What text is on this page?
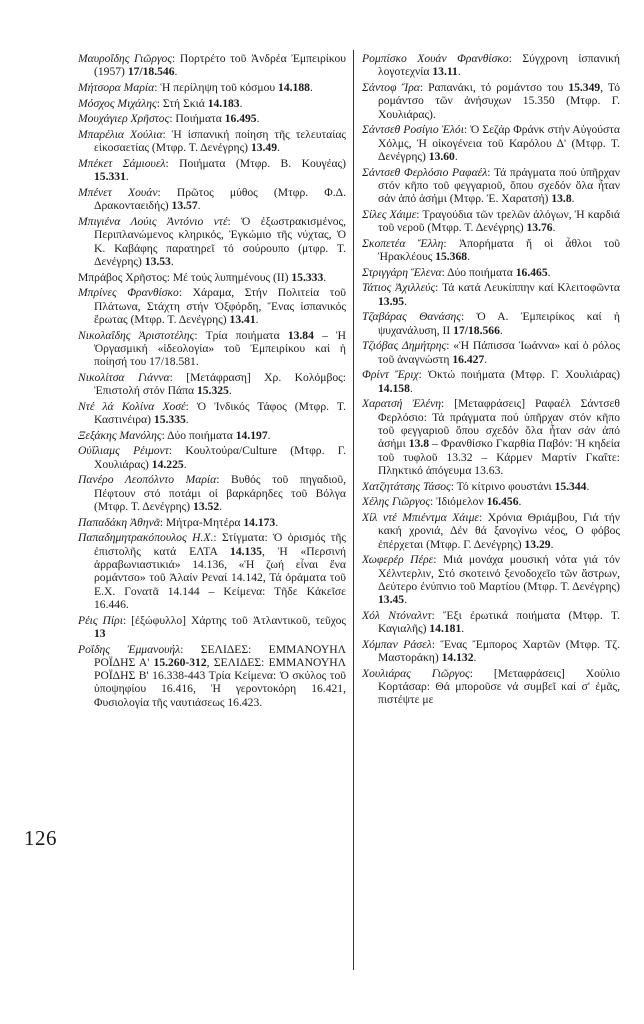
Μαυροΐδης Γιῶργος: Πορτρέτο τοῦ Ἀνδρέα Ἐμπειρίκου (1957) 17/18.546.

Μήτσορα Μαρία: Ἡ περίληψη τοῦ κόσμου 14.188.

Μόσχος Μιχάλης: Στή Σκιά 14.183.

Μουχάγιερ Χρῆστος: Ποιήματα 16.495.

Μπαρέλια Χούλια: Ἡ ἰσπανική ποίηση τῆς τελευταίας εἰκοσαετίας (Μτφρ. Τ. Δενέγρης) 13.49.

Μπέκετ Σάμιουελ: Ποιήματα (Μτφρ. Β. Κουγέας) 15.331.

Μπένετ Χουάν: Πρῶτος μύθος (Μτφρ. Φ.Δ. Δρακονταειδής) 13.57.

Μπιγιένα Λούις Ἀντόνιο ντέ: Ὁ ἐξωστρακισμένος, Περιπλανώμενος κληρικός, Ἐγκώμιο τῆς νύχτας, Ὁ Κ. Καβάφης παρατηρεῖ τό σούρουπο (μτφρ. Τ. Δενέγρης) 13.53.

Μπράβος Χρῆστος: Μέ τούς λυπημένους (ΙΙ) 15.333.

Μπρίνες Φρανθίσκο: Χάραμα, Στήν Πολιτεία τοῦ Πλάτωνα, Στάχτη στήν Ὀξφόρδη, Ἕνας ἰσπανικός ἔρωτας (Μτφρ. Τ. Δενέγρης) 13.41.

Νικολαΐδης Ἀριστοτέλης: Τρία ποιήματα 13.84 – Ἡ Ὀργασμική «ἰδεολογία» τοῦ Ἐμπειρίκου καί ἡ ποίησή του 17/18.581.

Νικολίτσα Γιάννα: [Μετάφραση] Χρ. Κολόμβος: Ἐπιστολή στόν Πάπα 15.325.

Ντέ λά Κολίνα Χοσέ: Ὁ Ἰνδικός Τάφος (Μτφρ. Τ. Καστινέιρα) 15.335.

Ξεξάκης Μανόλης: Δύο ποιήματα 14.197.

Οὐΐλιαμς Ρέιμοντ: Κουλτούρα/Culture (Μτφρ. Γ. Χουλιάρας) 14.225.

Πανέρο Λεοπόλντο Μαρία: Βυθός τοῦ πηγαδιοῦ, Πέφτουν στό ποτάμι οἱ βαρκάρηδες τοῦ Βόλγα (Μτφρ. Τ. Δενέγρης) 13.52.

Παπαδάκη Ἀθηνᾶ: Μήτρα-Μητέρα 14.173.

Παπαδημητρακόπουλος Η.Χ.: Στίγματα: Ὁ ὁρισμός τῆς ἐπιστολῆς κατά ΕΛΤΑ 14.135, Ἡ «Περσινή ἀρραβωνιαστικιά» 14.136, «Ἡ ζωή εἶναι ἕνα ρομάντσο» τοῦ Ἀλαίν Ρεναί 14.142, Τά ὁράματα τοῦ Ε.Χ. Γονατᾶ 14.144 – Κείμενα: Τῆδε Κἀκεῖσε 16.446.

Ρέις Πίρι: [ἐξώφυλλο] Χάρτης τοῦ Ἀτλαντικοῦ, τεῦχος 13

Ροΐδης Ἐμμανουήλ: ΣΕΛΙΔΕΣ: ΕΜΜΑΝΟΥΗΛ ΡΟΪΔΗΣ Α' 15.260-312, ΣΕΛΙΔΕΣ: ΕΜΜΑΝΟΥΗΛ ΡΟΪΔΗΣ Β' 16.338-443 Τρία Κείμενα: Ὁ σκύλος τοῦ ὑποψηφίου 16.416, Ἡ γεροντοκόρη 16.421, Φυσιολογία τῆς ναυτιάσεως 16.423.

Ρομπίσκο Χουάν Φρανθίσκο: Σύγχρονη ἰσπανική λογοτεχνία 13.11.

Σάντοφ Ἴρα: Ραπανάκι, τό ρομάντσο του 15.349, Τό ρομάντσο τῶν ἀνήσυχων 15.350 (Μτφρ. Γ. Χουλιάρας).

Σάντσεθ Ροσίγιο Ἐλόι: Ὁ Σεζάρ Φράνκ στήν Αὐγούστα Χόλμς, Ἡ οἰκογένεια τοῦ Καρόλου Δ' (Μτφρ. Τ. Δενέγρης) 13.60.

Σάντσεθ Φερλόσιο Ραφαέλ: Τά πράγματα πού ὑπῆρχαν στόν κῆπο τοῦ φεγγαριοῦ, ὅπου σχεδόν ὅλα ἦταν σάν ἀπό ἀσήμι (Μτφρ. Ἐ. Χαρατσή) 13.8.

Σίλες Χάιμε: Τραγούδια τῶν τρελῶν ἀλόγων, Ἡ καρδιά τοῦ νεροῦ (Μτφρ. Τ. Δενέγρης) 13.76.

Σκοπετέα Ἔλλη: Ἀπορήματα ἤ οἱ ἆθλοι τοῦ Ἡρακλέους 15.368.

Στριγγάρη Ἕλενα: Δύο ποιήματα 16.465.

Τάτιος Ἀχιλλεύς: Τά κατά Λευκίππην καί Κλειτοφῶντα 13.95.

Τζαβάρας Θανάσης: Ὁ Α. Ἐμπειρίκος καί ἡ ψυχανάλυση, ΙΙ 17/18.566.

Τζιόβας Δημήτρης: «Ἡ Πάπισσα Ἰωάννα» καί ὁ ρόλος τοῦ ἀναγνώστη 16.427.

Φρίντ Ἔριχ: Ὀκτώ ποιήματα (Μτφρ. Γ. Χουλιάρας) 14.158.

Χαρατσή Ἐλένη: [Μεταφράσεις] Ραφαέλ Σάντσεθ Φερλόσιο: Τά πράγματα πού ὑπῆρχαν στόν κῆπο τοῦ φεγγαριοῦ ὅπου σχεδόν ὅλα ἦταν σάν ἀπό ἀσήμι 13.8 – Φρανθίσκο Γκαρθία Παβόν: Ἡ κηδεία τοῦ τυφλοῦ 13.32 – Κάρμεν Μαρτίν Γκαΐτε: Πληκτικό ἀπόγευμα 13.63.

Χατζητάτσης Τάσος: Τό κίτρινο φουστάνι 15.344.

Χέλης Γιῶργος: Ἰδιόμελον 16.456.

Χίλ ντέ Μπιέντμα Χάιμε: Χρόνια Θριάμβου, Γιά τήν κακή χρονιά, Δέν θά ξανογίνω νέος, Ο φόβος ἐπέρχεται (Μτφρ. Γ. Δενέγρης) 13.29.

Χωφερέρ Πέρε: Μιά μονάχα μουσική νότα γιά τόν Χέλντερλιν, Στό σκοτεινό ξενοδοχεῖο τῶν ἄστρων, Δεύτερο ἐνύπνιο τοῦ Μαρτίου (Μτφρ. Τ. Δενέγρης) 13.45.

Χόλ Ντόναλντ: Ἔξι ἐρωτικά ποιήματα (Μτφρ. Τ. Καγιαλῆς) 14.181.

Χόμπαν Ράσελ: Ἕνας Ἔμπορος Χαρτῶν (Μτφρ. Τζ. Μαστοράκη) 14.132.

Χουλιάρας Γιῶργος: [Μεταφράσεις] Χούλιο Κορτάσαρ: Θά μποροῦσε νά συμβεῖ καί σ' ἐμᾶς, πιστέψτε με

126
